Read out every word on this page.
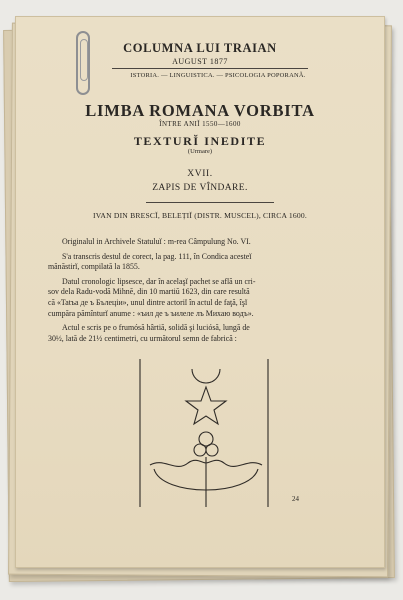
COLUMNA LUI TRAIAN
AUGUST 1877
ISTORIA. — LINGUISTICA. — PSICOLOGIA POPORANĂ.
LIMBA ROMANA VORBITA
ÎNTRE ANIĬ 1550—1600
TEXTURĬ INEDITE
(Urmare)
XVII.
ZAPIS DE VÎNDARE.
IVAN DIN BRESCĬ, BELEȚIĬ (DISTR. MUSCEL), CIRCA 1600.

Originalul in Archivele Statuluĭ : m-rea Câmpulung No. VI.

S'a transcris destul de corect, la pag. 111, în Condica acesteĭ
mănăstirĭ, compilată la 1855.

Datul cronologic lipsesce, dar în acelaşĭ pachet se află un cri-
sov dela Radu-vodă Mihnĕ, din 10 martiŭ 1623, din care resultă
că «Tatъa де ъ Бълецiи», unul dintre actoriĭ în actul de faţă, îşĭ
cumpăra pămînturĭ anume : «ъил де ъ ъилеле лъ Михаю водъ».

Actul e scris pe o frumósă hârtiă, solidă şi luciósă, lungă de
30½, lată de 21½ centimetri, cu următorul semn de fabrică :

24
